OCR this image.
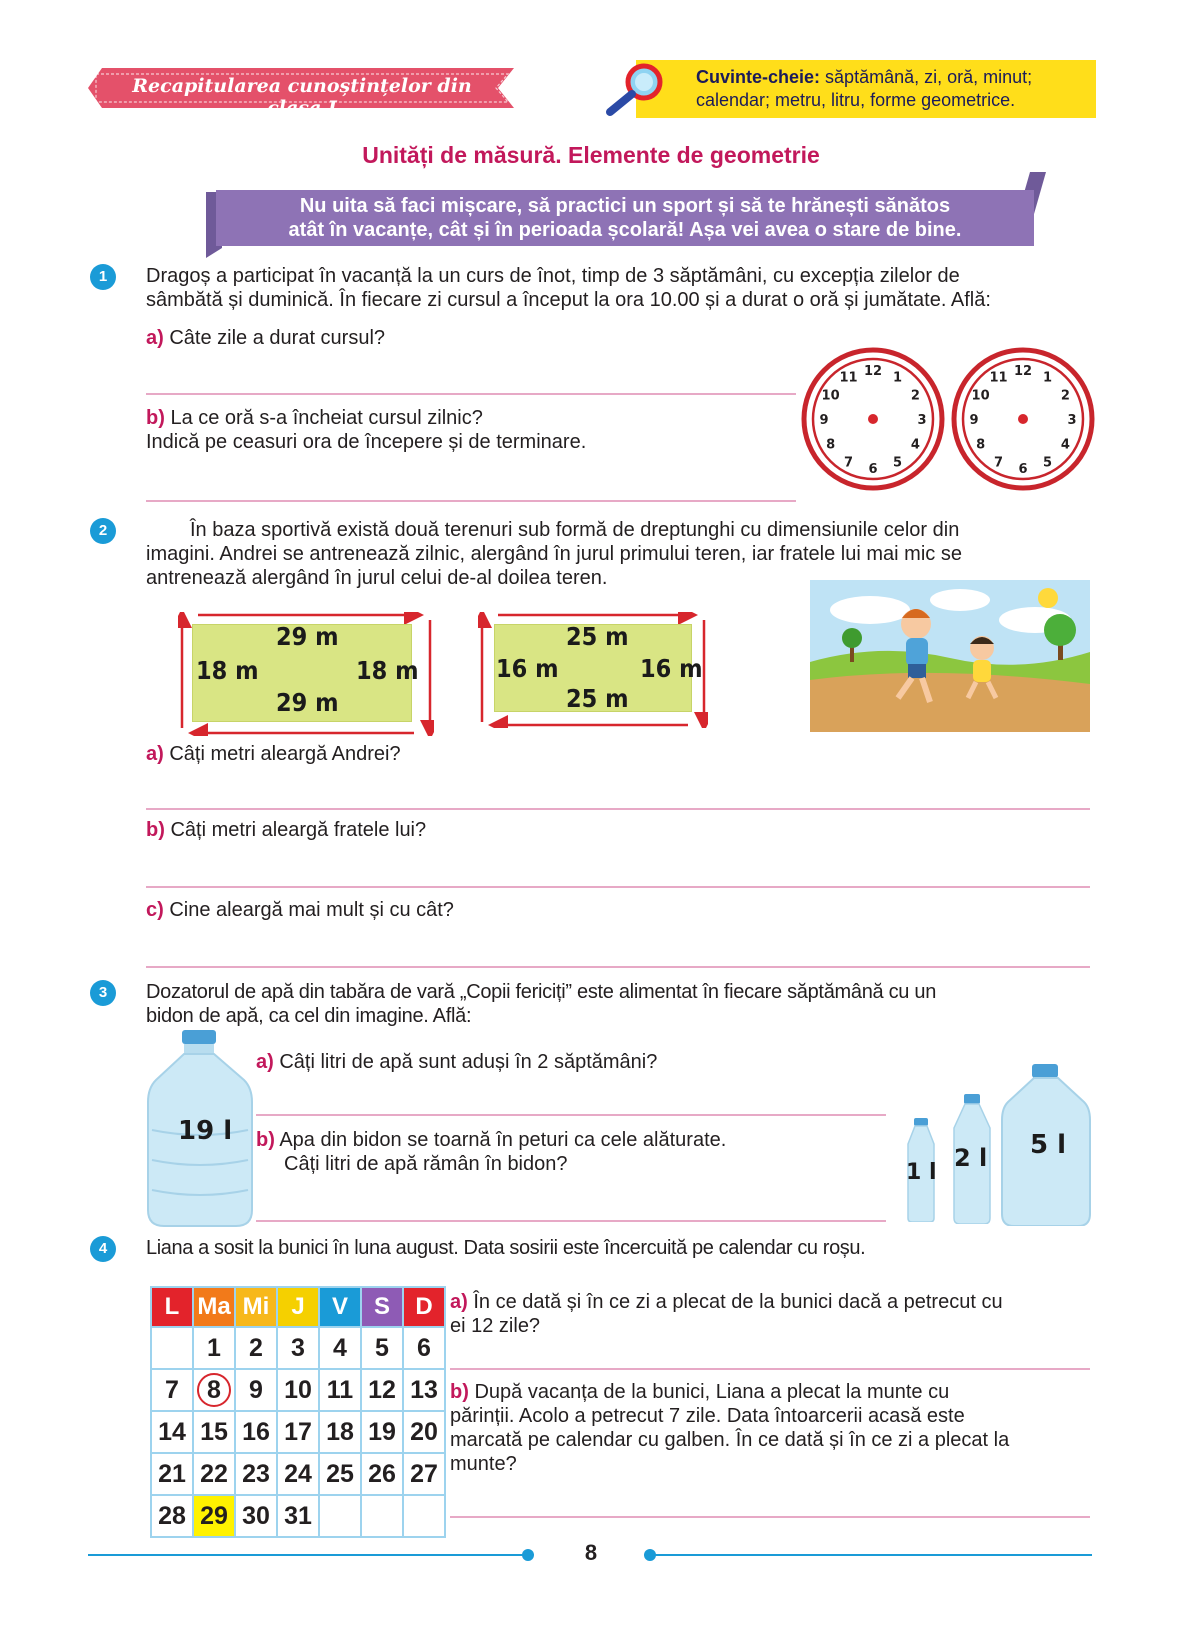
Recapitularea cunoștințelor din clasa I
Cuvinte-cheie: săptămână, zi, oră, minut;
calendar; metru, litru, forme geometrice.
Unități de măsură. Elemente de geometrie
Nu uita să faci mișcare, să practici un sport și să te hrănești sănătos
atât în vacanțe, cât și în perioada școlară! Așa vei avea o stare de bine.
1	Dragoș a participat în vacanță la un curs de înot, timp de 3 săptămâni, cu excepția zilelor de
sâmbătă și duminică. În fiecare zi cursul a început la ora 10.00 și a durat o oră și jumătate. Află:
a) Câte zile a durat cursul?
b) La ce oră s-a încheiat cursul zilnic?
Indică pe ceasuri ora de începere și de terminare.
12 1
2
3
4
5
6
7
8
9
10
11	12 1
2
3
4
5
6
7
8
9
10
11
2	În baza sportivă există două terenuri sub formă de dreptunghi cu dimensiunile celor din
imagini. Andrei se antrenează zilnic, alergând în jurul primului teren, iar fratele lui mai mic se
antrenează alergând în jurul celui de-al doilea teren.
29 m
29 m
18 m	18 m
25 m
25 m
16 m	16 m
a) Câți metri aleargă Andrei?
b) Câți metri aleargă fratele lui?
c) Cine aleargă mai mult și cu cât?
3	Dozatorul de apă din tabăra de vară „Copii fericiți” este alimentat în fiecare săptămână cu un
bidon de apă, ca cel din imagine. Află:
19 l
a) Câți litri de apă sunt aduși în 2 săptămâni?
b) Apa din bidon se toarnă în peturi ca cele alăturate.
Câți litri de apă rămân în bidon?	1 l
2 l 5 l
4	Liana a sosit la bunici în luna august. Data sosirii este încercuită pe calendar cu roșu.
L	Ma	Mi	J	V	S	D
	1	2	3	4	5	6
7	8	9	10	11	12	13
14	15	16	17	18	19	20
21	22	23	24	25	26	27
28	29	30	31			
a) În ce dată și în ce zi a plecat de la bunici dacă a petrecut cu
ei 12 zile?
b) După vacanța de la bunici, Liana a plecat la munte cu
părinții. Acolo a petrecut 7 zile. Data întoarcerii acasă este
marcată pe calendar cu galben. În ce dată și în ce zi a plecat la
munte?
8
